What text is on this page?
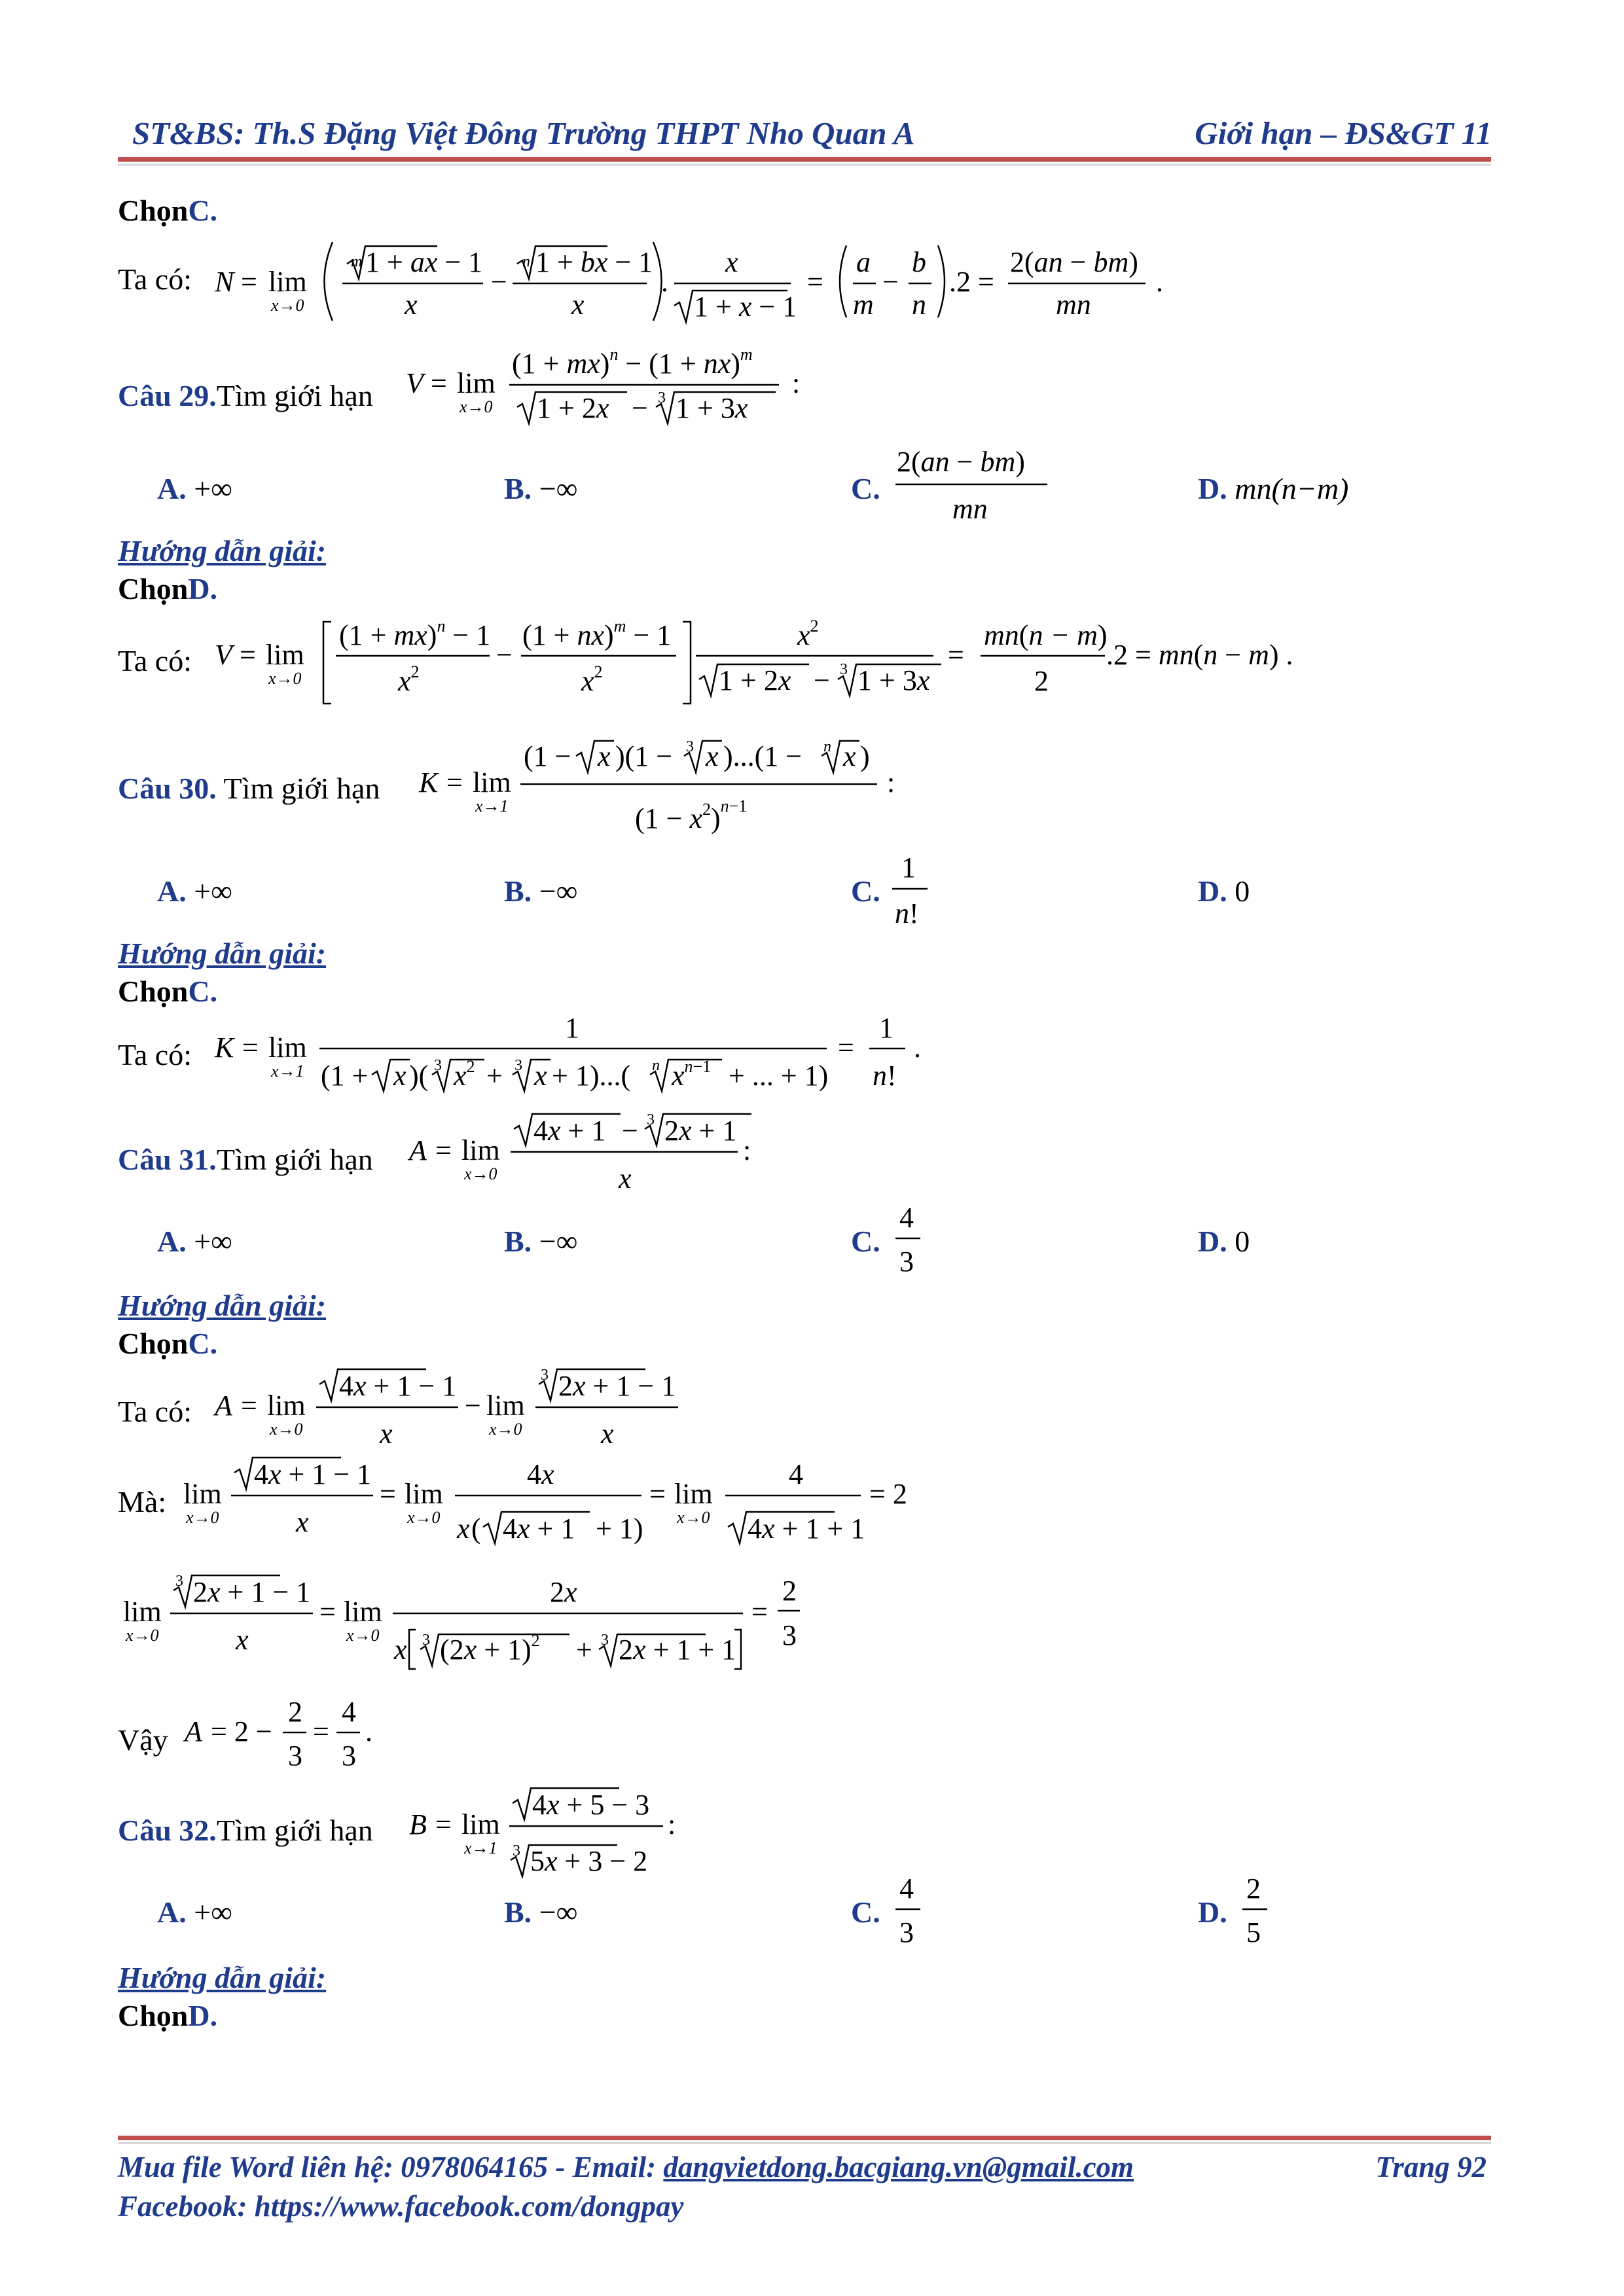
ST&BS: Th.S Đặng Việt Đông Trường THPT Nho Quan A	Giới hạn – ĐS&GT 11
ChọnC.
Ta có: N = lim
x→0
m 1 + ax − 1
x
−
n 1 + bx − 1
x
.
x
1 + x − 1
=
a
m
−
b
n
.2 =
2(an − bm)
mn
.
Câu 29.Tìm giới hạn V = lim
x→0
(1 + mx)$^n$ − (1 + nx)$^m$
1 + 2x − 3 1 + 3x
:
A. +∞	B. −∞	C.
2(an − bm)
mn
D. mn(n−m)
Hướng dẫn giải:
ChọnD.
Ta có: V = lim
x→0
(1 + mx)$^n$ − 1
$x^2$
−
(1 + nx)$^m$ − 1
$x^2$
$x^2$
1 + 2x − 3 1 + 3x
=
mn(n − m)
2
.2 = mn(n − m) .
Câu 30. Tìm giới hạn K = lim
x→1
(1 − x )(1 − 3 x )...(1 − n x )
$(1 - x^2)^n-1$
:
A. +∞	B. −∞	C.
1
n!
D. 0
Hướng dẫn giải:
ChọnC.
Ta có: K = lim
x→1
1
(1 + x )( 3 $x^2 + 3$ x + 1)...( n $x^n-1$ + ... + 1)
=
1
n!
.
Câu 31.Tìm giới hạn A = lim
x→0
4x + 1 − 3 2x + 1
x
:
A. +∞	B. −∞	C.
4
3
D. 0
Hướng dẫn giải:
ChọnC.
Ta có: A = lim
x→0
4x + 1 − 1
x
− lim
x→0
3 2x + 1 − 1
x
Mà: lim
x→0
4x + 1 − 1
x
= lim
x→0
4x
x ( 4x + 1 + 1)
= lim
x→0
4
4x + 1 + 1
= 2
lim
x→0
3 2x + 1 − 1
x
= lim
x→0
2x
x 3 $(2x + 1)^2 + 3$ 2x + 1 + 1
=
2
3
Vậy A = 2 −
2
3
=
4
3
.
Câu 32.Tìm giới hạn B = lim
x→1
4x + 5 − 3
3 5x + 3 − 2
:
A. +∞	B. −∞	C.
4
3
D.
2
5
Hướng dẫn giải:
ChọnD.
Mua file Word liên hệ: 0978064165 - Email: dangvietdong.bacgiang.vn@gmail.com	Trang 92
Facebook: https://www.facebook.com/dongpay
